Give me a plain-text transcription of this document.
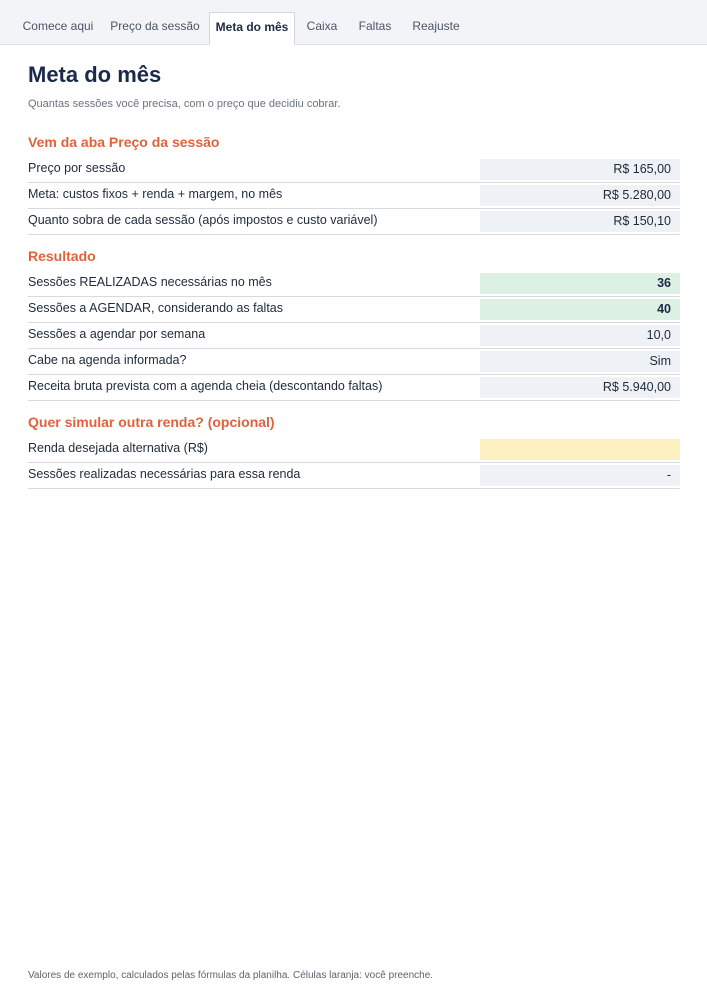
Comece aqui	Preço da sessão	Meta do mês	Caixa	Faltas	Reajuste
Meta do mês
Quantas sessões você precisa, com o preço que decidiu cobrar.
Vem da aba Preço da sessão
Preço por sessão	R$ 165,00
Meta: custos fixos + renda + margem, no mês	R$ 5.280,00
Quanto sobra de cada sessão (após impostos e custo variável)	R$ 150,10
Resultado
Sessões REALIZADAS necessárias no mês	36
Sessões a AGENDAR, considerando as faltas	40
Sessões a agendar por semana	10,0
Cabe na agenda informada?	Sim
Receita bruta prevista com a agenda cheia (descontando faltas)	R$ 5.940,00
Quer simular outra renda? (opcional)
Renda desejada alternativa (R$)
Sessões realizadas necessárias para essa renda	-
Valores de exemplo, calculados pelas fórmulas da planilha. Células laranja: você preenche.
